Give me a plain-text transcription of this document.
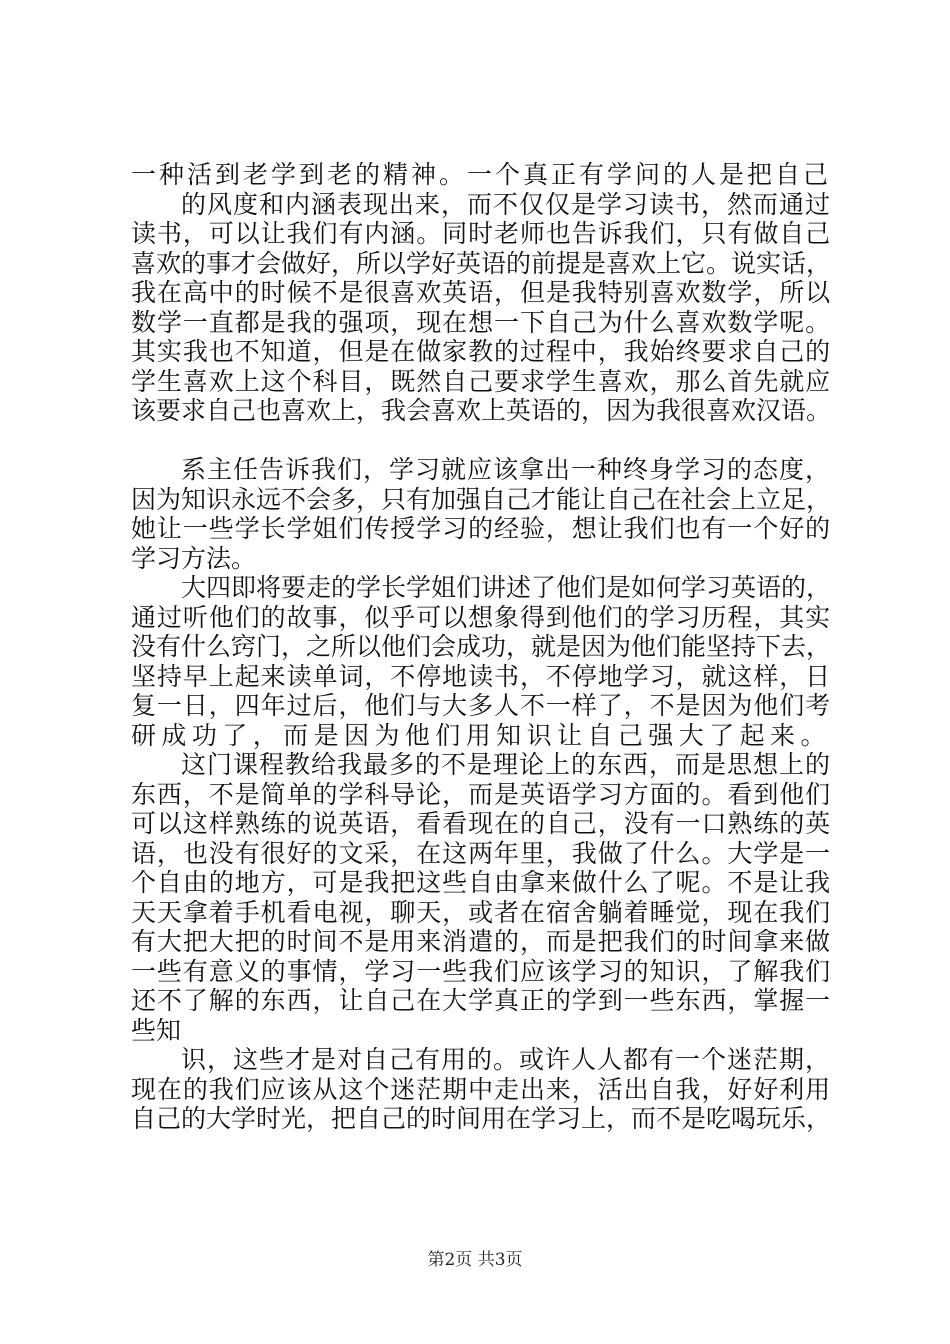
一种活到老学到老的精神。一个真正有学问的人是把自己
的风度和内涵表现出来，而不仅仅是学习读书，然而通过
读书，可以让我们有内涵。同时老师也告诉我们，只有做自己
喜欢的事才会做好，所以学好英语的前提是喜欢上它。说实话，
我在高中的时候不是很喜欢英语，但是我特别喜欢数学，所以
数学一直都是我的强项，现在想一下自己为什么喜欢数学呢。
其实我也不知道，但是在做家教的过程中，我始终要求自己的
学生喜欢上这个科目，既然自己要求学生喜欢，那么首先就应
该要求自己也喜欢上，我会喜欢上英语的，因为我很喜欢汉语。
系主任告诉我们，学习就应该拿出一种终身学习的态度，
因为知识永远不会多，只有加强自己才能让自己在社会上立足，
她让一些学长学姐们传授学习的经验，想让我们也有一个好的
学习方法。
大四即将要走的学长学姐们讲述了他们是如何学习英语的，
通过听他们的故事，似乎可以想象得到他们的学习历程，其实
没有什么窍门，之所以他们会成功，就是因为他们能坚持下去，
坚持早上起来读单词，不停地读书，不停地学习，就这样，日
复一日，四年过后，他们与大多人不一样了，不是因为他们考
研成功了，而是因为他们用知识让自己强大了起来。
这门课程教给我最多的不是理论上的东西，而是思想上的
东西，不是简单的学科导论，而是英语学习方面的。看到他们
可以这样熟练的说英语，看看现在的自己，没有一口熟练的英
语，也没有很好的文采，在这两年里，我做了什么。大学是一
个自由的地方，可是我把这些自由拿来做什么了呢。不是让我
天天拿着手机看电视，聊天，或者在宿舍躺着睡觉，现在我们
有大把大把的时间不是用来消遣的，而是把我们的时间拿来做
一些有意义的事情，学习一些我们应该学习的知识，了解我们
还不了解的东西，让自己在大学真正的学到一些东西，掌握一
些知
识，这些才是对自己有用的。或许人人都有一个迷茫期，
现在的我们应该从这个迷茫期中走出来，活出自我，好好利用
自己的大学时光，把自己的时间用在学习上，而不是吃喝玩乐，
第2页 共3页
